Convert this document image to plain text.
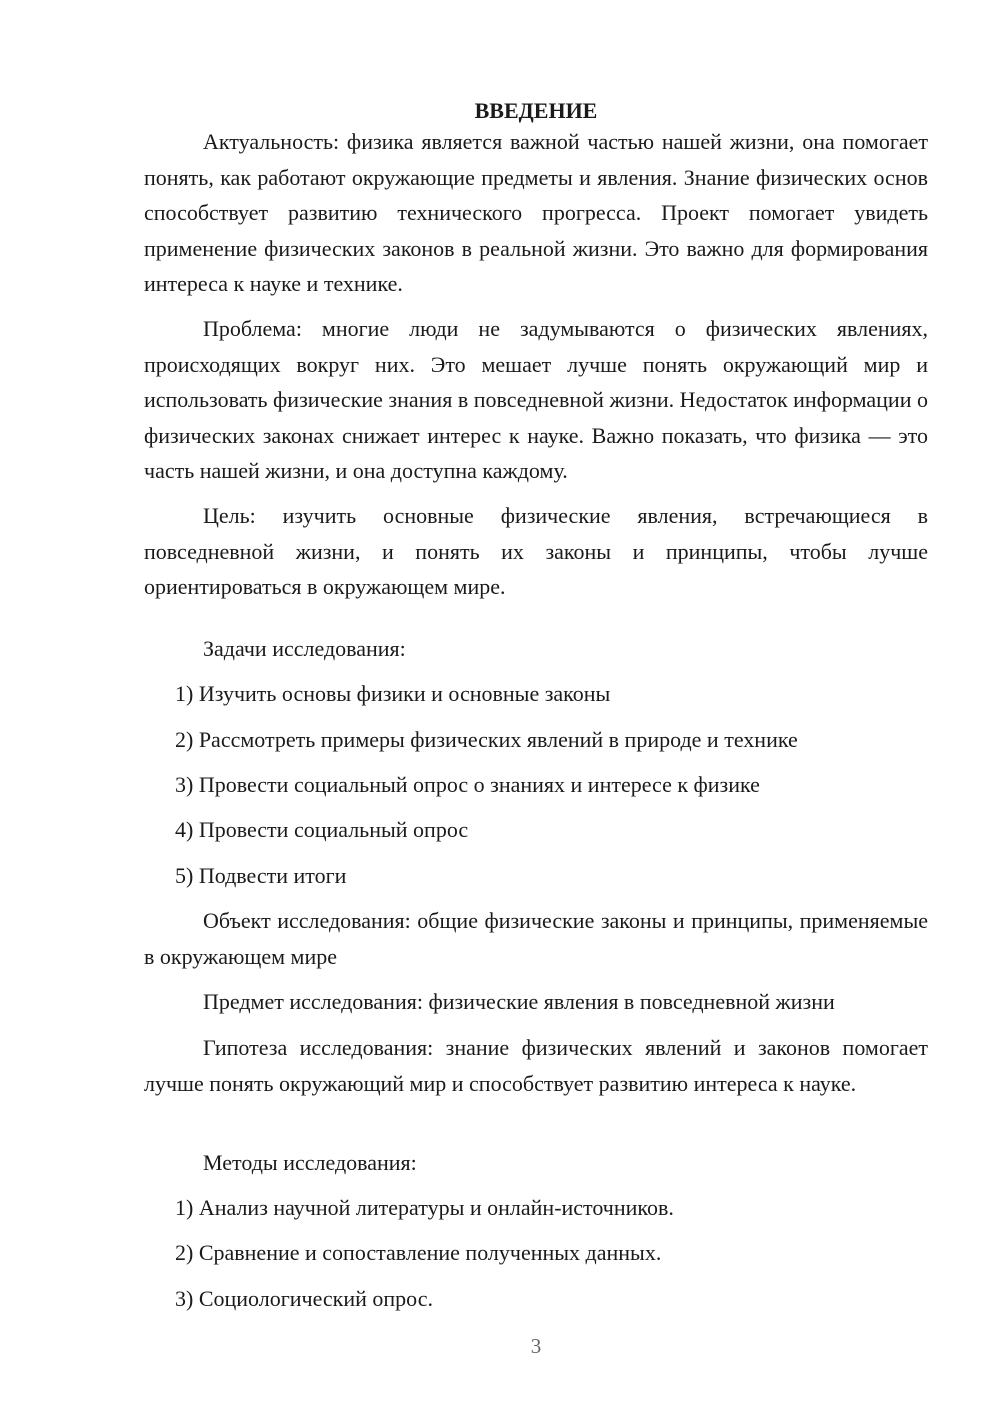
ВВЕДЕНИЕ

Актуальность: физика является важной частью нашей жизни, она помогает понять, как работают окружающие предметы и явления. Знание физических основ способствует развитию технического прогресса. Проект помогает увидеть применение физических законов в реальной жизни. Это важно для формирования интереса к науке и технике.

Проблема: многие люди не задумываются о физических явлениях, происходящих вокруг них. Это мешает лучше понять окружающий мир и использовать физические знания в повседневной жизни. Недостаток информации о физических законах снижает интерес к науке. Важно показать, что физика — это часть нашей жизни, и она доступна каждому.

Цель: изучить основные физические явления, встречающиеся в повседневной жизни, и понять их законы и принципы, чтобы лучше ориентироваться в окружающем мире.

Задачи исследования:
1) Изучить основы физики и основные законы
2) Рассмотреть примеры физических явлений в природе и технике
3) Провести социальный опрос о знаниях и интересе к физике
4) Провести социальный опрос
5) Подвести итоги

Объект исследования: общие физические законы и принципы, применяемые в окружающем мире

Предмет исследования: физические явления в повседневной жизни

Гипотеза исследования: знание физических явлений и законов помогает лучше понять окружающий мир и способствует развитию интереса к науке.

Методы исследования:
1) Анализ научной литературы и онлайн-источников.
2) Сравнение и сопоставление полученных данных.
3) Социологический опрос.
3
